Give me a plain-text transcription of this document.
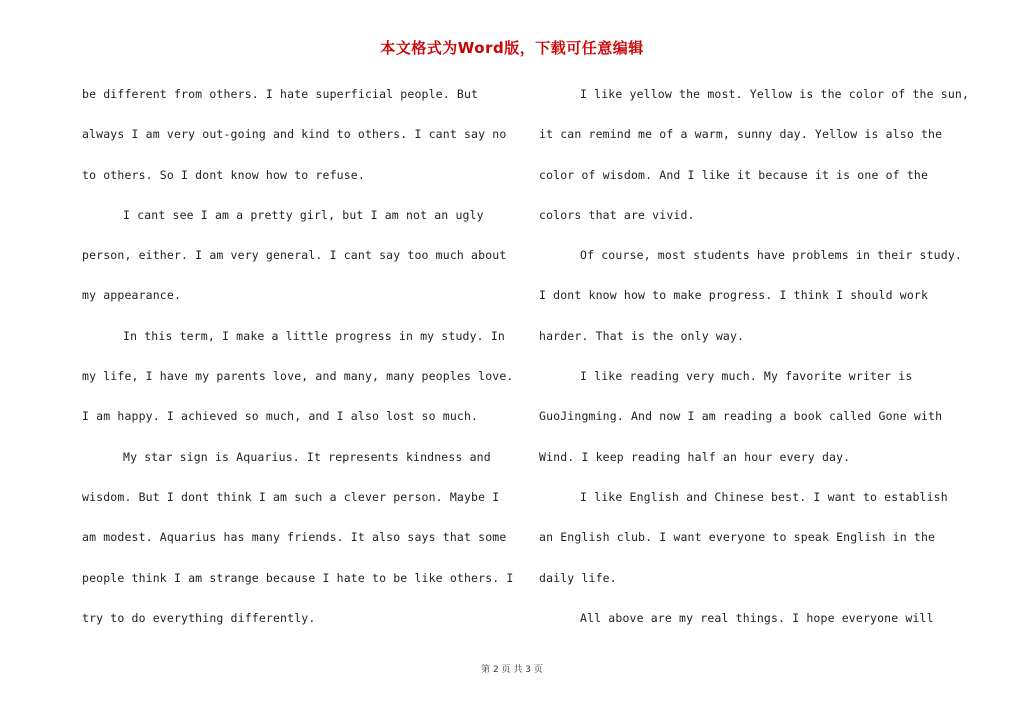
本文格式为Word版，下载可任意编辑
be different from others. I hate superficial people. But
always I am very out-going and kind to others. I cant say no
to others. So I dont know how to refuse.
I cant see I am a pretty girl, but I am not an ugly
person, either. I am very general. I cant say too much about
my appearance.
In this term, I make a little progress in my study. In
my life, I have my parents love, and many, many peoples love.
I am happy. I achieved so much, and I also lost so much.
My star sign is Aquarius. It represents kindness and
wisdom. But I dont think I am such a clever person. Maybe I
am modest. Aquarius has many friends. It also says that some
people think I am strange because I hate to be like others. I
try to do everything differently.
I like yellow the most. Yellow is the color of the sun,
it can remind me of a warm, sunny day. Yellow is also the
color of wisdom. And I like it because it is one of the
colors that are vivid.
Of course, most students have problems in their study.
I dont know how to make progress. I think I should work
harder. That is the only way.
I like reading very much. My favorite writer is
GuoJingming. And now I am reading a book called Gone with
Wind. I keep reading half an hour every day.
I like English and Chinese best. I want to establish
an English club. I want everyone to speak English in the
daily life.
All above are my real things. I hope everyone will
第 2 页 共 3 页
